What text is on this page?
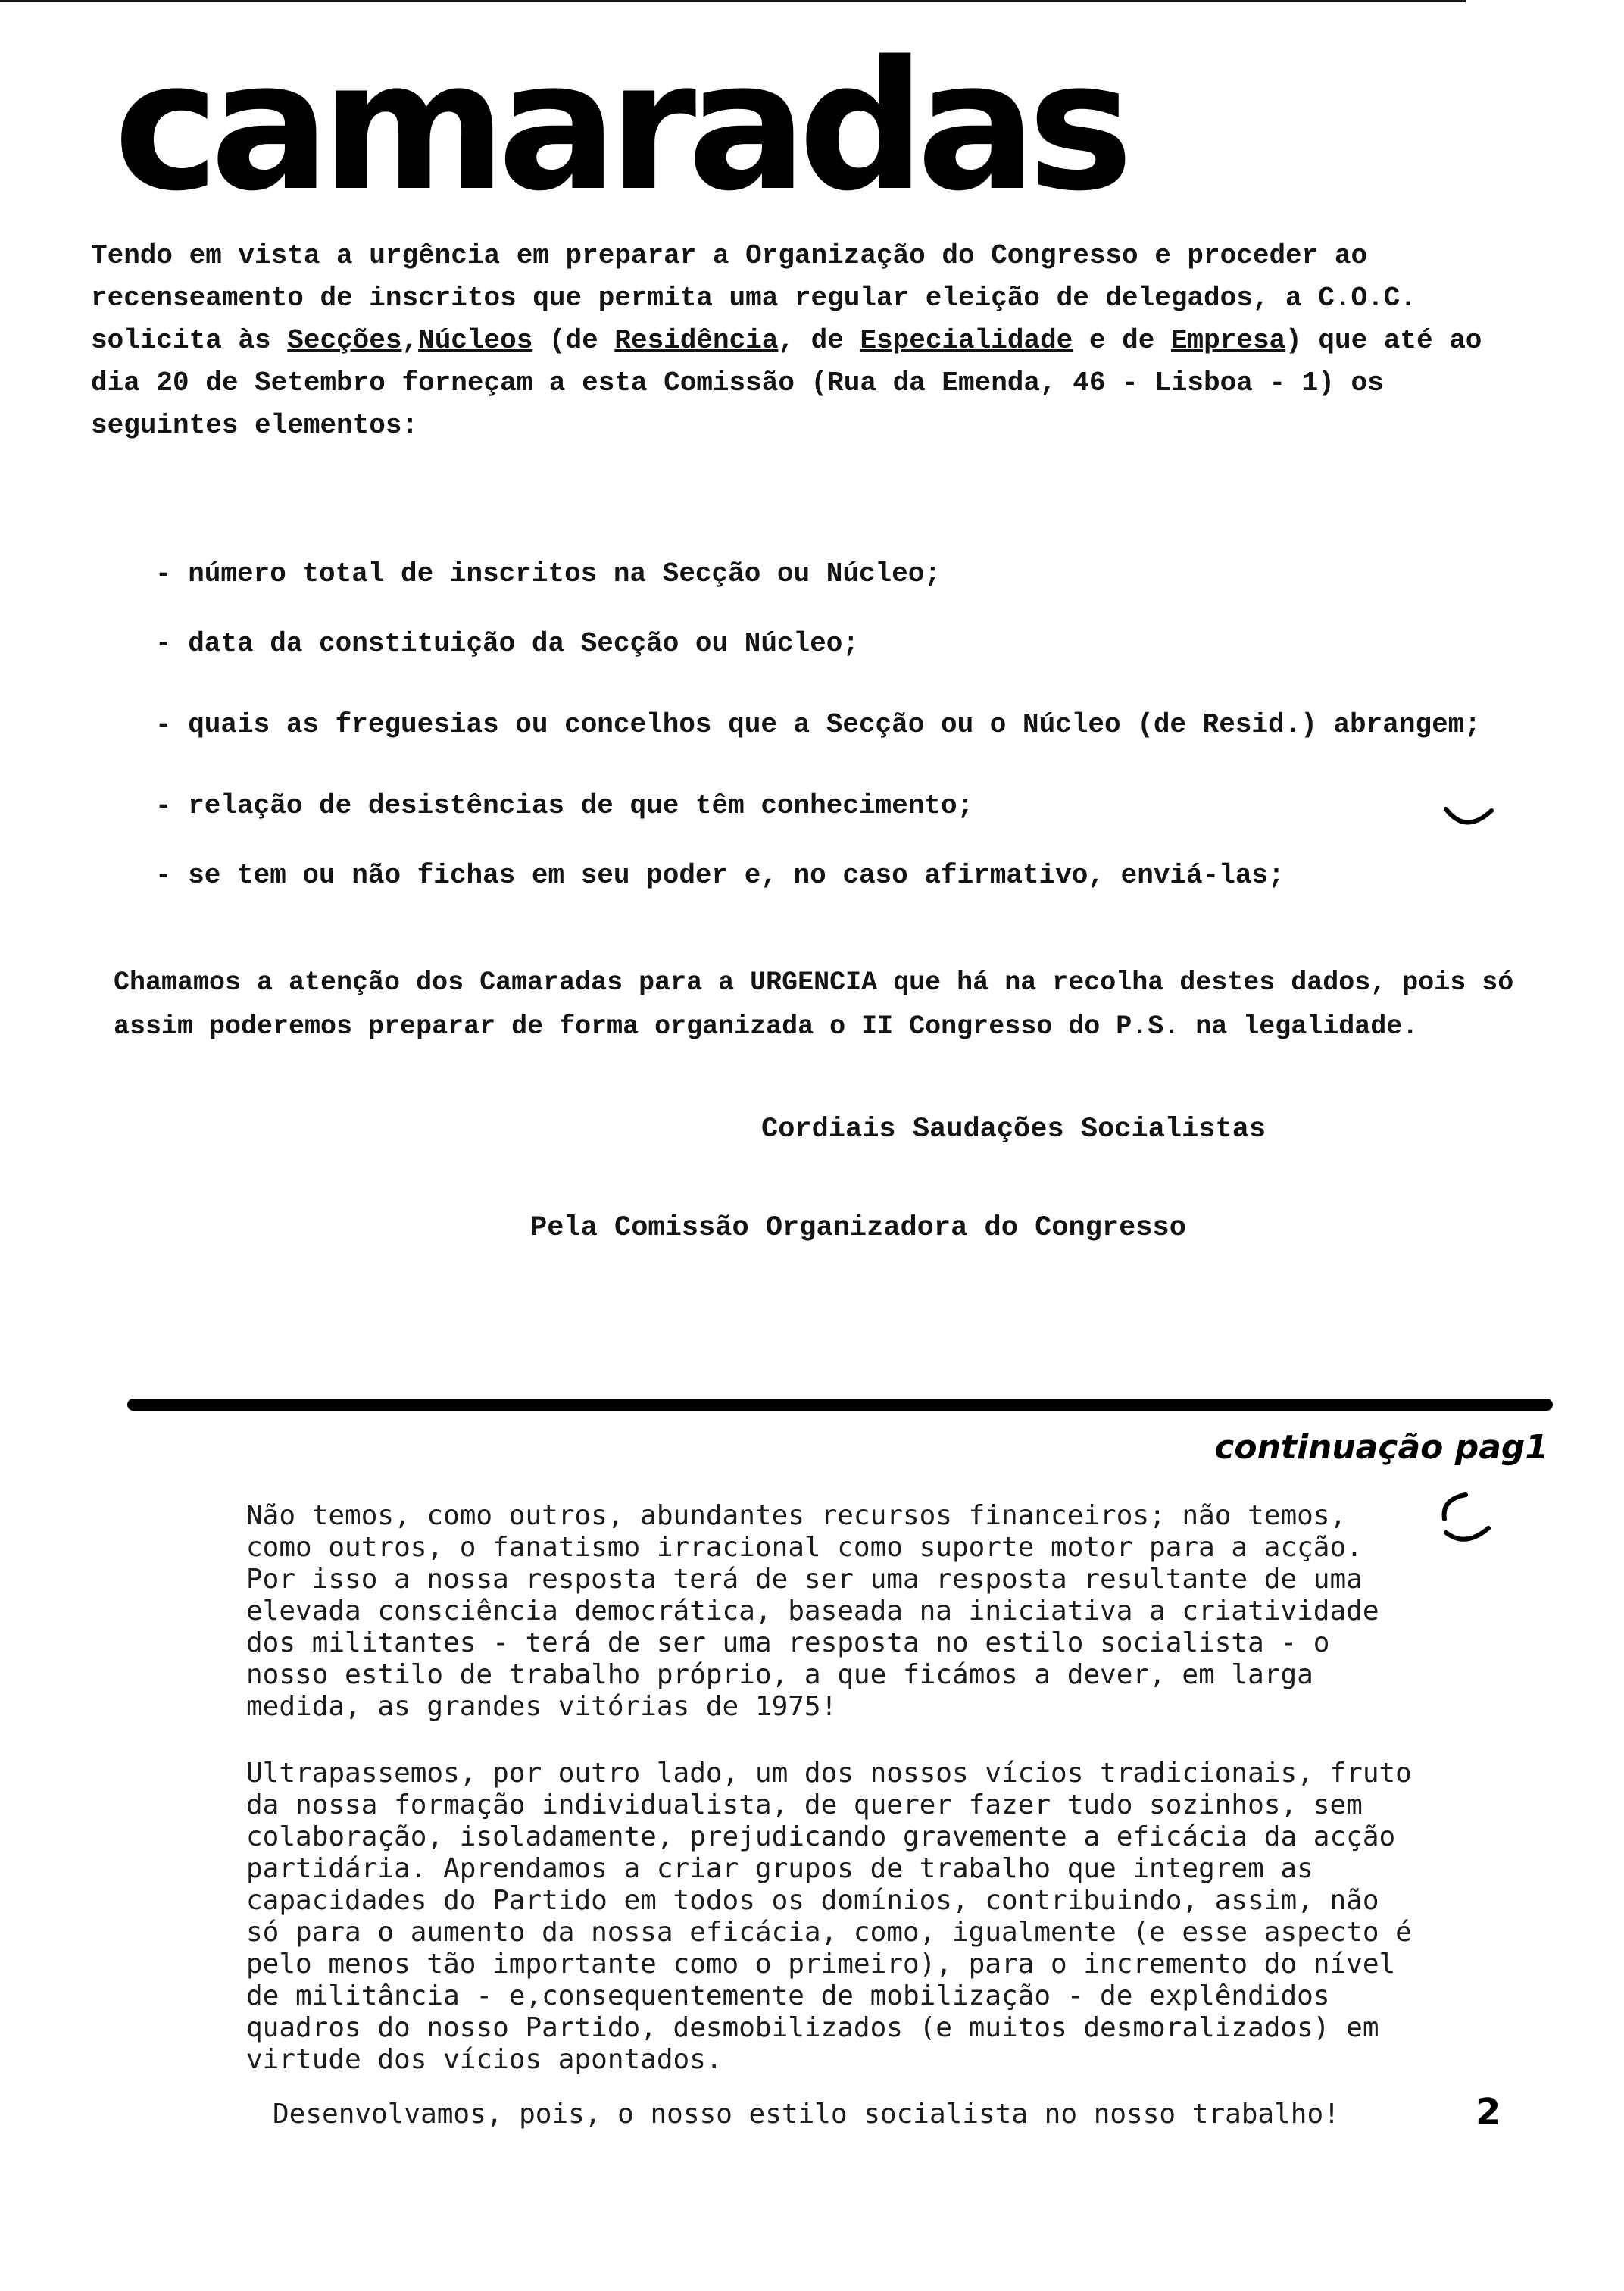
camaradas

Tendo em vista a urgência em preparar a Organização do Congresso e proceder ao recenseamento de inscritos que permita uma regular eleição de delegados, a C.O.C. solicita às Secções,Núcleos (de Residência, de Especialidade e de Empresa) que até ao dia 20 de Setembro forneçam a esta Comissão (Rua da Emenda, 46 - Lisboa - 1) os seguintes elementos:

- número total de inscritos na Secção ou Núcleo;
- data da constituição da Secção ou Núcleo;
- quais as freguesias ou concelhos que a Secção ou o Núcleo (de Resid.) abrangem;
- relação de desistências de que têm conhecimento;
- se tem ou não fichas em seu poder e, no caso afirmativo, enviá-las;

Chamamos a atenção dos Camaradas para a URGENCIA que há na recolha destes dados, pois só assim poderemos preparar de forma organizada o II Congresso do P.S. na legalidade.

Cordiais Saudações Socialistas
Pela Comissão Organizadora do Congresso
continuação pag1

Não temos, como outros, abundantes recursos financeiros; não temos, como outros, o fanatismo irracional como suporte motor para a acção. Por isso a nossa resposta terá de ser uma resposta resultante de uma elevada consciência democrática, baseada na iniciativa a criatividade dos militantes - terá de ser uma resposta no estilo socialista - o nosso estilo de trabalho próprio, a que ficámos a dever, em larga medida, as grandes vitórias de 1975!

Ultrapassemos, por outro lado, um dos nossos vícios tradicionais, fruto da nossa formação individualista, de querer fazer tudo sozinhos, sem colaboração, isoladamente, prejudicando gravemente a eficácia da acção partidária. Aprendamos a criar grupos de trabalho que integrem as capacidades do Partido em todos os domínios, contribuindo, assim, não só para o aumento da nossa eficácia, como, igualmente (e esse aspecto é pelo menos tão importante como o primeiro), para o incremento do nível de militância - e,consequentemente de mobilização - de explêndidos quadros do nosso Partido, desmobilizados (e muitos desmoralizados) em virtude dos vícios apontados.

Desenvolvamos, pois, o nosso estilo socialista no nosso trabalho!	2
